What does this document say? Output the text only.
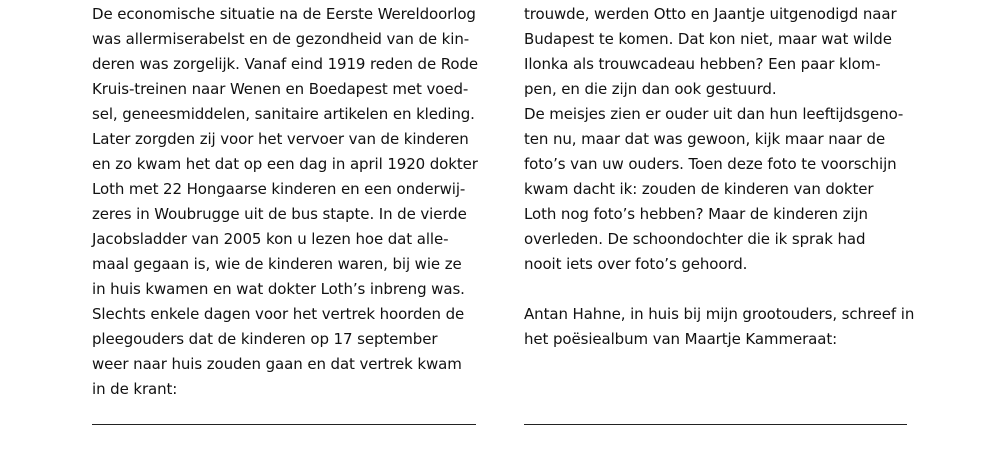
De economische situatie na de Eerste Wereldoorlog
was allermiserabelst en de gezondheid van de kin-
deren was zorgelijk. Vanaf eind 1919 reden de Rode
Kruis-treinen naar Wenen en Boedapest met voed-
sel, geneesmiddelen, sanitaire artikelen en kleding.
Later zorgden zij voor het vervoer van de kinderen
en zo kwam het dat op een dag in april 1920 dokter
Loth met 22 Hongaarse kinderen en een onderwij-
zeres in Woubrugge uit de bus stapte. In de vierde
Jacobsladder van 2005 kon u lezen hoe dat alle-
maal gegaan is, wie de kinderen waren, bij wie ze
in huis kwamen en wat dokter Loth’s inbreng was.
Slechts enkele dagen voor het vertrek hoorden de
pleegouders dat de kinderen op 17 september
weer naar huis zouden gaan en dat vertrek kwam
in de krant:
trouwde, werden Otto en Jaantje uitgenodigd naar
Budapest te komen. Dat kon niet, maar wat wilde
Ilonka als trouwcadeau hebben? Een paar klom-
pen, en die zijn dan ook gestuurd.
De meisjes zien er ouder uit dan hun leeftijdsgeno-
ten nu, maar dat was gewoon, kijk maar naar de
foto’s van uw ouders. Toen deze foto te voorschijn
kwam dacht ik: zouden de kinderen van dokter
Loth nog foto’s hebben? Maar de kinderen zijn
overleden. De schoondochter die ik sprak had
nooit iets over foto’s gehoord.
Antan Hahne, in huis bij mijn grootouders, schreef in
het poësiealbum van Maartje Kammeraat:
